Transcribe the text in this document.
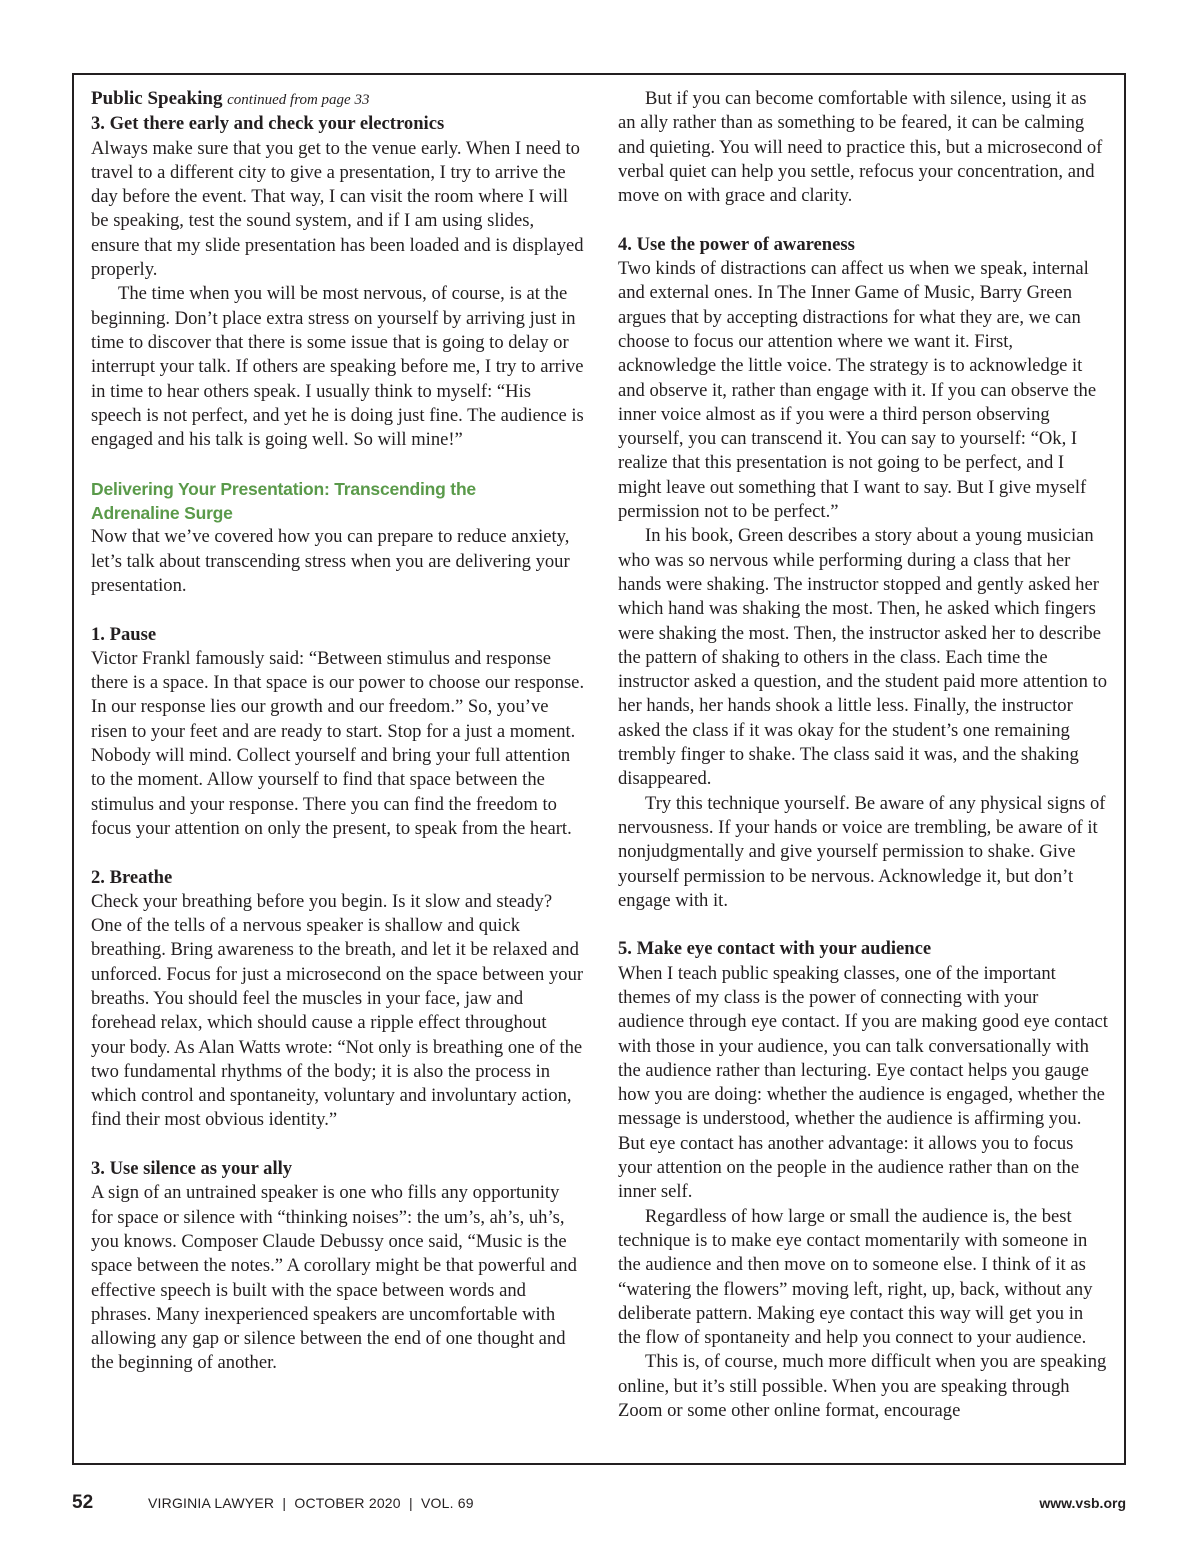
Public Speaking continued from page 33

3. Get there early and check your electronics

Always make sure that you get to the venue early. When I need to travel to a different city to give a presentation, I try to arrive the day before the event. That way, I can visit the room where I will be speaking, test the sound system, and if I am using slides, ensure that my slide presentation has been loaded and is displayed properly.

The time when you will be most nervous, of course, is at the beginning. Don’t place extra stress on yourself by arriving just in time to discover that there is some issue that is going to delay or interrupt your talk. If others are speaking before me, I try to arrive in time to hear others speak. I usually think to myself: “His speech is not perfect, and yet he is doing just fine. The audience is engaged and his talk is going well. So will mine!”

Delivering Your Presentation: Transcending the
Adrenaline Surge

Now that we’ve covered how you can prepare to reduce anxiety, let’s talk about transcending stress when you are delivering your presentation.

1. Pause

Victor Frankl famously said: “Between stimulus and response there is a space. In that space is our power to choose our response. In our response lies our growth and our freedom.” So, you’ve risen to your feet and are ready to start. Stop for a just a moment. Nobody will mind. Collect yourself and bring your full attention to the moment. Allow yourself to find that space between the stimulus and your response. There you can find the freedom to focus your attention on only the present, to speak from the heart.

2. Breathe

Check your breathing before you begin. Is it slow and steady? One of the tells of a nervous speaker is shallow and quick breathing. Bring awareness to the breath, and let it be relaxed and unforced. Focus for just a microsecond on the space between your breaths. You should feel the muscles in your face, jaw and forehead relax, which should cause a ripple effect throughout your body. As Alan Watts wrote: “Not only is breathing one of the two fundamental rhythms of the body; it is also the process in which control and spontaneity, voluntary and involuntary action, find their most obvious identity.”

3. Use silence as your ally

A sign of an untrained speaker is one who fills any opportunity for space or silence with “thinking noises”: the um’s, ah’s, uh’s, you knows. Composer Claude Debussy once said, “Music is the space between the notes.” A corollary might be that powerful and effective speech is built with the space between words and phrases. Many inexperienced speakers are uncomfortable with allowing any gap or silence between the end of one thought and the beginning of another.

But if you can become comfortable with silence, using it as an ally rather than as something to be feared, it can be calming and quieting. You will need to practice this, but a microsecond of verbal quiet can help you settle, refocus your concentration, and move on with grace and clarity.

4. Use the power of awareness

Two kinds of distractions can affect us when we speak, internal and external ones. In The Inner Game of Music, Barry Green argues that by accepting distractions for what they are, we can choose to focus our attention where we want it. First, acknowledge the little voice. The strategy is to acknowledge it and observe it, rather than engage with it. If you can observe the inner voice almost as if you were a third person observing yourself, you can transcend it. You can say to yourself: “Ok, I realize that this presentation is not going to be perfect, and I might leave out something that I want to say. But I give myself permission not to be perfect.”

In his book, Green describes a story about a young musician who was so nervous while performing during a class that her hands were shaking. The instructor stopped and gently asked her which hand was shaking the most. Then, he asked which fingers were shaking the most. Then, the instructor asked her to describe the pattern of shaking to others in the class. Each time the instructor asked a question, and the student paid more attention to her hands, her hands shook a little less. Finally, the instructor asked the class if it was okay for the student’s one remaining trembly finger to shake. The class said it was, and the shaking disappeared.

Try this technique yourself. Be aware of any physical signs of nervousness. If your hands or voice are trembling, be aware of it nonjudgmentally and give yourself permission to shake. Give yourself permission to be nervous. Acknowledge it, but don’t engage with it.

5. Make eye contact with your audience

When I teach public speaking classes, one of the important themes of my class is the power of connecting with your audience through eye contact. If you are making good eye contact with those in your audience, you can talk conversationally with the audience rather than lecturing. Eye contact helps you gauge how you are doing: whether the audience is engaged, whether the message is understood, whether the audience is affirming you. But eye contact has another advantage: it allows you to focus your attention on the people in the audience rather than on the inner self.

Regardless of how large or small the audience is, the best technique is to make eye contact momentarily with someone in the audience and then move on to someone else. I think of it as “watering the flowers” moving left, right, up, back, without any deliberate pattern. Making eye contact this way will get you in the flow of spontaneity and help you connect to your audience.

This is, of course, much more difficult when you are speaking online, but it’s still possible. When you are speaking through Zoom or some other online format, encourage

52	VIRGINIA LAWYER  |  OCTOBER 2020  |  VOL. 69	www.vsb.org
